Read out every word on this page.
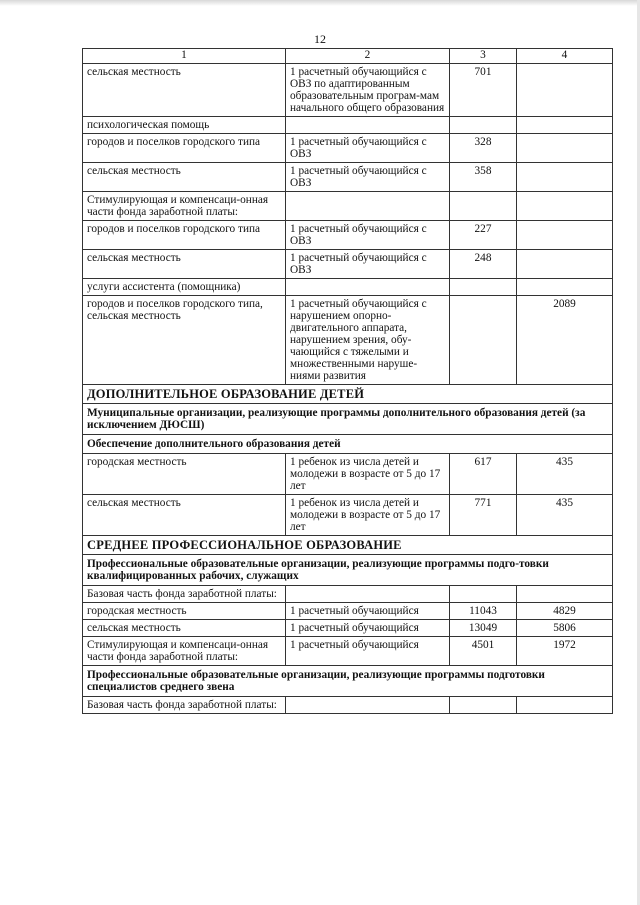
12
1	2	3	4
сельская местность	1 расчетный обучающийся с ОВЗ по адаптированным образовательным програм-мам начального общего образования	701	
психологическая помощь			
городов и поселков городского типа	1 расчетный обучающийся с ОВЗ	328	
сельская местность	1 расчетный обучающийся с ОВЗ	358	
Стимулирующая и компенсаци-онная части фонда заработной платы:			
городов и поселков городского типа	1 расчетный обучающийся с ОВЗ	227	
сельская местность	1 расчетный обучающийся с ОВЗ	248	
услуги ассистента (помощника)			
городов и поселков городского типа, сельская местность	1 расчетный обучающийся с нарушением опорно-двигательного аппарата, нарушением зрения, обу-чающийся с тяжелыми и множественными наруше-ниями развития		2089
ДОПОЛНИТЕЛЬНОЕ ОБРАЗОВАНИЕ ДЕТЕЙ			
Муниципальные организации, реализующие программы дополнительного образования детей (за исключением ДЮСШ)			
Обеспечение дополнительного образования детей			
городская местность	1 ребенок из числа детей и молодежи в возрасте от 5 до 17 лет	617	435
сельская местность	1 ребенок из числа детей и молодежи в возрасте от 5 до 17 лет	771	435
СРЕДНЕЕ ПРОФЕССИОНАЛЬНОЕ ОБРАЗОВАНИЕ			
Профессиональные образовательные организации, реализующие программы подго-товки квалифицированных рабочих, служащих			
Базовая часть фонда заработной платы:			
городская местность	1 расчетный обучающийся	11043	4829
сельская местность	1 расчетный обучающийся	13049	5806
Стимулирующая и компенсаци-онная части фонда заработной платы:	1 расчетный обучающийся	4501	1972
Профессиональные образовательные организации, реализующие программы подготовки специалистов среднего звена			
Базовая часть фонда заработной платы:			
